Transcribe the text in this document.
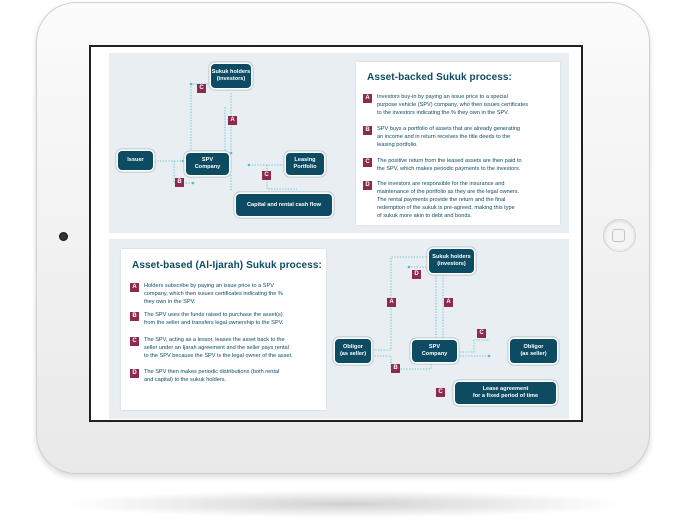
Sukuk holders
(investors)
Issuer	SPV
Company
Leasing
Portfolio
Capital and rental cash flow
C
A
B
C
Asset-backed Sukuk process:
A	Investors buy-in by paying an issue price to a special
purpose vehicle (SPV) company, who then issues certificates
to the investors indicating the % they own in the SPV.
B	SPV buys a portfolio of assets that are already generating
an income and in return receives the title deeds to the
leasing portfolio.
C	The positive return from the leased assets are then paid to
the SPV, which makes periodic payments to the investors.
D	The investors are responsible for the insurance and
maintenance of the portfolio as they are the legal owners.
The rental payments provide the return and the final
redemption of the sukuk is pre-agreed, making this type
of sukuk more akin to debt and bonds.
Asset-based (Al-Ijarah) Sukuk process:
A	Holders subscribe by paying an issue price to a SPV
company, which then issues certificates indicating the %
they own in the SPV.
B	The SPV uses the funds raised to purchase the asset(s)
from the seller and transfers legal ownership to the SPV.
C	The SPV, acting as a lessor, leases the asset back to the
seller under an Ijarah agreement and the seller pays rental
to the SPV because the SPV is the legal owner of the asset.
D	The SPV then makes periodic distributions (both rental
and capital) to the sukuk holders.
Sukuk holders
(investors)
Obligor
(as seller)
SPV
Company
Obligor
(as seller)
Lease agreement
for a fixed period of time
D
A	A
B
C
C
